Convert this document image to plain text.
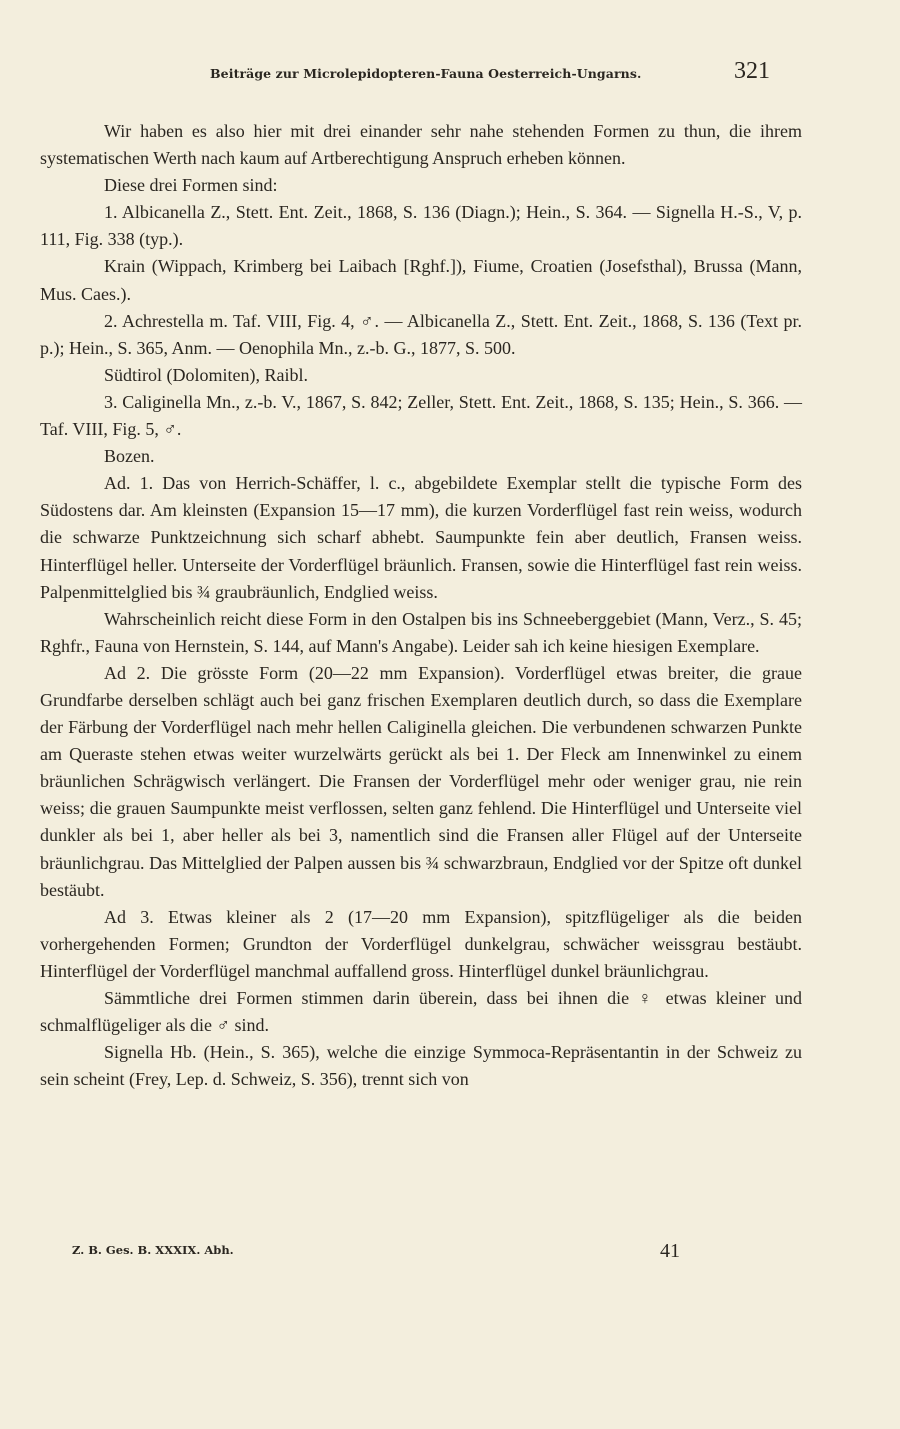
Beiträge zur Microlepidopteren-Fauna Oesterreich-Ungarns.	321

Wir haben es also hier mit drei einander sehr nahe stehenden Formen zu thun, die ihrem systematischen Werth nach kaum auf Artberechtigung Anspruch erheben können.

Diese drei Formen sind:

1. Albicanella Z., Stett. Ent. Zeit., 1868, S. 136 (Diagn.); Hein., S. 364. — Signella H.-S., V, p. 111, Fig. 338 (typ.).

Krain (Wippach, Krimberg bei Laibach [Rghf.]), Fiume, Croatien (Josefsthal), Brussa (Mann, Mus. Caes.).

2. Achrestella m. Taf. VIII, Fig. 4, ♂. — Albicanella Z., Stett. Ent. Zeit., 1868, S. 136 (Text pr. p.); Hein., S. 365, Anm. — Oenophila Mn., z.-b. G., 1877, S. 500.

Südtirol (Dolomiten), Raibl.

3. Caliginella Mn., z.-b. V., 1867, S. 842; Zeller, Stett. Ent. Zeit., 1868, S. 135; Hein., S. 366. — Taf. VIII, Fig. 5, ♂.

Bozen.

Ad. 1. Das von Herrich-Schäffer, l. c., abgebildete Exemplar stellt die typische Form des Südostens dar. Am kleinsten (Expansion 15—17 mm), die kurzen Vorderflügel fast rein weiss, wodurch die schwarze Punktzeichnung sich scharf abhebt. Saumpunkte fein aber deutlich, Fransen weiss. Hinterflügel heller. Unterseite der Vorderflügel bräunlich. Fransen, sowie die Hinterflügel fast rein weiss. Palpenmittelglied bis ¾ graubräunlich, Endglied weiss.

Wahrscheinlich reicht diese Form in den Ostalpen bis ins Schneeberggebiet (Mann, Verz., S. 45; Rghfr., Fauna von Hernstein, S. 144, auf Mann's Angabe). Leider sah ich keine hiesigen Exemplare.

Ad 2. Die grösste Form (20—22 mm Expansion). Vorderflügel etwas breiter, die graue Grundfarbe derselben schlägt auch bei ganz frischen Exemplaren deutlich durch, so dass die Exemplare der Färbung der Vorderflügel nach mehr hellen Caliginella gleichen. Die verbundenen schwarzen Punkte am Queraste stehen etwas weiter wurzelwärts gerückt als bei 1. Der Fleck am Innenwinkel zu einem bräunlichen Schrägwisch verlängert. Die Fransen der Vorderflügel mehr oder weniger grau, nie rein weiss; die grauen Saumpunkte meist verflossen, selten ganz fehlend. Die Hinterflügel und Unterseite viel dunkler als bei 1, aber heller als bei 3, namentlich sind die Fransen aller Flügel auf der Unterseite bräunlichgrau. Das Mittelglied der Palpen aussen bis ¾ schwarzbraun, Endglied vor der Spitze oft dunkel bestäubt.

Ad 3. Etwas kleiner als 2 (17—20 mm Expansion), spitzflügeliger als die beiden vorhergehenden Formen; Grundton der Vorderflügel dunkelgrau, schwächer weissgrau bestäubt. Hinterflügel der Vorderflügel manchmal auffallend gross. Hinterflügel dunkel bräunlichgrau.

Sämmtliche drei Formen stimmen darin überein, dass bei ihnen die ♀ etwas kleiner und schmalflügeliger als die ♂ sind.

Signella Hb. (Hein., S. 365), welche die einzige Symmoca-Repräsentantin in der Schweiz zu sein scheint (Frey, Lep. d. Schweiz, S. 356), trennt sich von

Z. B. Ges. B. XXXIX. Abh.	41
